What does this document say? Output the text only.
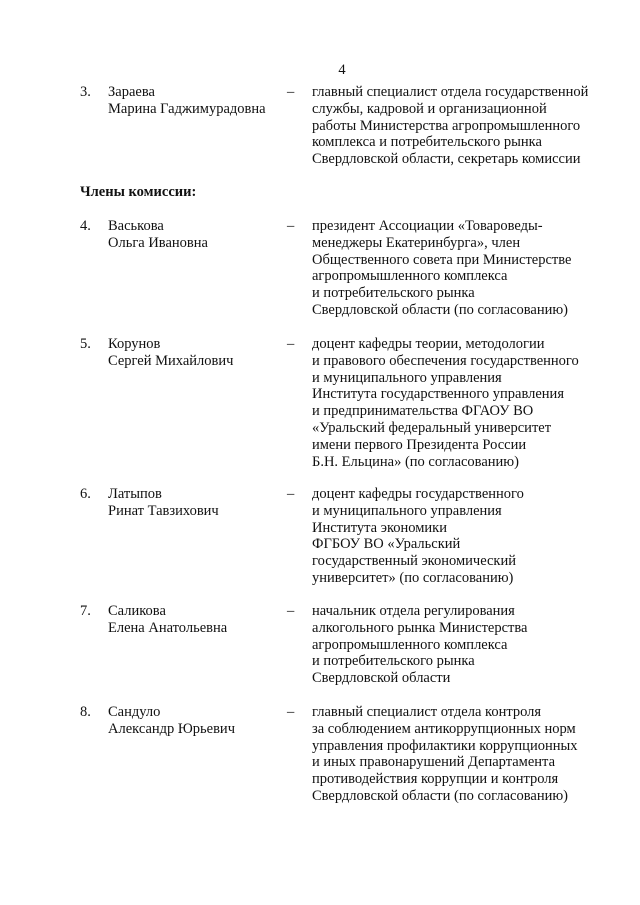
4
3. Зараева
Марина Гаджимурадовна
– главный специалист отдела государственной
службы, кадровой и организационной
работы Министерства агропромышленного
комплекса и потребительского рынка
Свердловской области, секретарь комиссии
Члены комиссии:
4. Васькова
Ольга Ивановна
– президент Ассоциации «Товароведы-
менеджеры Екатеринбурга», член
Общественного совета при Министерстве
агропромышленного комплекса
и потребительского рынка
Свердловской области (по согласованию)
5. Корунов
Сергей Михайлович
– доцент кафедры теории, методологии
и правового обеспечения государственного
и муниципального управления
Института государственного управления
и предпринимательства ФГАОУ ВО
«Уральский федеральный университет
имени первого Президента России
Б.Н. Ельцина» (по согласованию)
6. Латыпов
Ринат Тавзихович
– доцент кафедры государственного
и муниципального управления
Института экономики
ФГБОУ ВО «Уральский
государственный экономический
университет» (по согласованию)
7. Саликова
Елена Анатольевна
– начальник отдела регулирования
алкогольного рынка Министерства
агропромышленного комплекса
и потребительского рынка
Свердловской области
8. Сандуло
Александр Юрьевич
– главный специалист отдела контроля
за соблюдением антикоррупционных норм
управления профилактики коррупционных
и иных правонарушений Департамента
противодействия коррупции и контроля
Свердловской области (по согласованию)
